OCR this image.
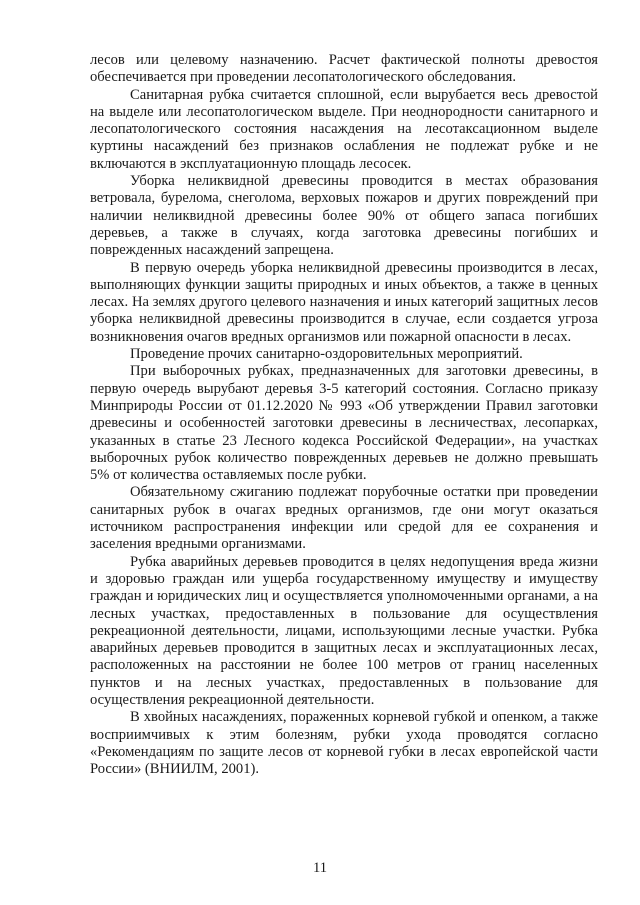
лесов или целевому назначению. Расчет фактической полноты древостоя обеспечивается при проведении лесопатологического обследования.

Санитарная рубка считается сплошной, если вырубается весь древостой на выделе или лесопатологическом выделе. При неоднородности санитарного и лесопатологического состояния насаждения на лесотаксационном выделе куртины насаждений без признаков ослабления не подлежат рубке и не включаются в эксплуатационную площадь лесосек.

Уборка неликвидной древесины проводится в местах образования ветровала, бурелома, снеголома, верховых пожаров и других повреждений при наличии неликвидной древесины более 90% от общего запаса погибших деревьев, а также в случаях, когда заготовка древесины погибших и поврежденных насаждений запрещена.

В первую очередь уборка неликвидной древесины производится в лесах, выполняющих функции защиты природных и иных объектов, а также в ценных лесах. На землях другого целевого назначения и иных категорий защитных лесов уборка неликвидной древесины производится в случае, если создается угроза возникновения очагов вредных организмов или пожарной опасности в лесах.

Проведение прочих санитарно-оздоровительных мероприятий.

При выборочных рубках, предназначенных для заготовки древесины, в первую очередь вырубают деревья 3-5 категорий состояния. Согласно приказу Минприроды России от 01.12.2020 № 993 «Об утверждении Правил заготовки древесины и особенностей заготовки древесины в лесничествах, лесопарках, указанных в статье 23 Лесного кодекса Российской Федерации», на участках выборочных рубок количество поврежденных деревьев не должно превышать 5% от количества оставляемых после рубки.

Обязательному сжиганию подлежат порубочные остатки при проведении санитарных рубок в очагах вредных организмов, где они могут оказаться источником распространения инфекции или средой для ее сохранения и заселения вредными организмами.

Рубка аварийных деревьев проводится в целях недопущения вреда жизни и здоровью граждан или ущерба государственному имуществу и имуществу граждан и юридических лиц и осуществляется уполномоченными органами, а на лесных участках, предоставленных в пользование для осуществления рекреационной деятельности, лицами, использующими лесные участки. Рубка аварийных деревьев проводится в защитных лесах и эксплуатационных лесах, расположенных на расстоянии не более 100 метров от границ населенных пунктов и на лесных участках, предоставленных в пользование для осуществления рекреационной деятельности.

В хвойных насаждениях, пораженных корневой губкой и опенком, а также восприимчивых к этим болезням, рубки ухода проводятся согласно «Рекомендациям по защите лесов от корневой губки в лесах европейской части России» (ВНИИЛМ, 2001).

11
